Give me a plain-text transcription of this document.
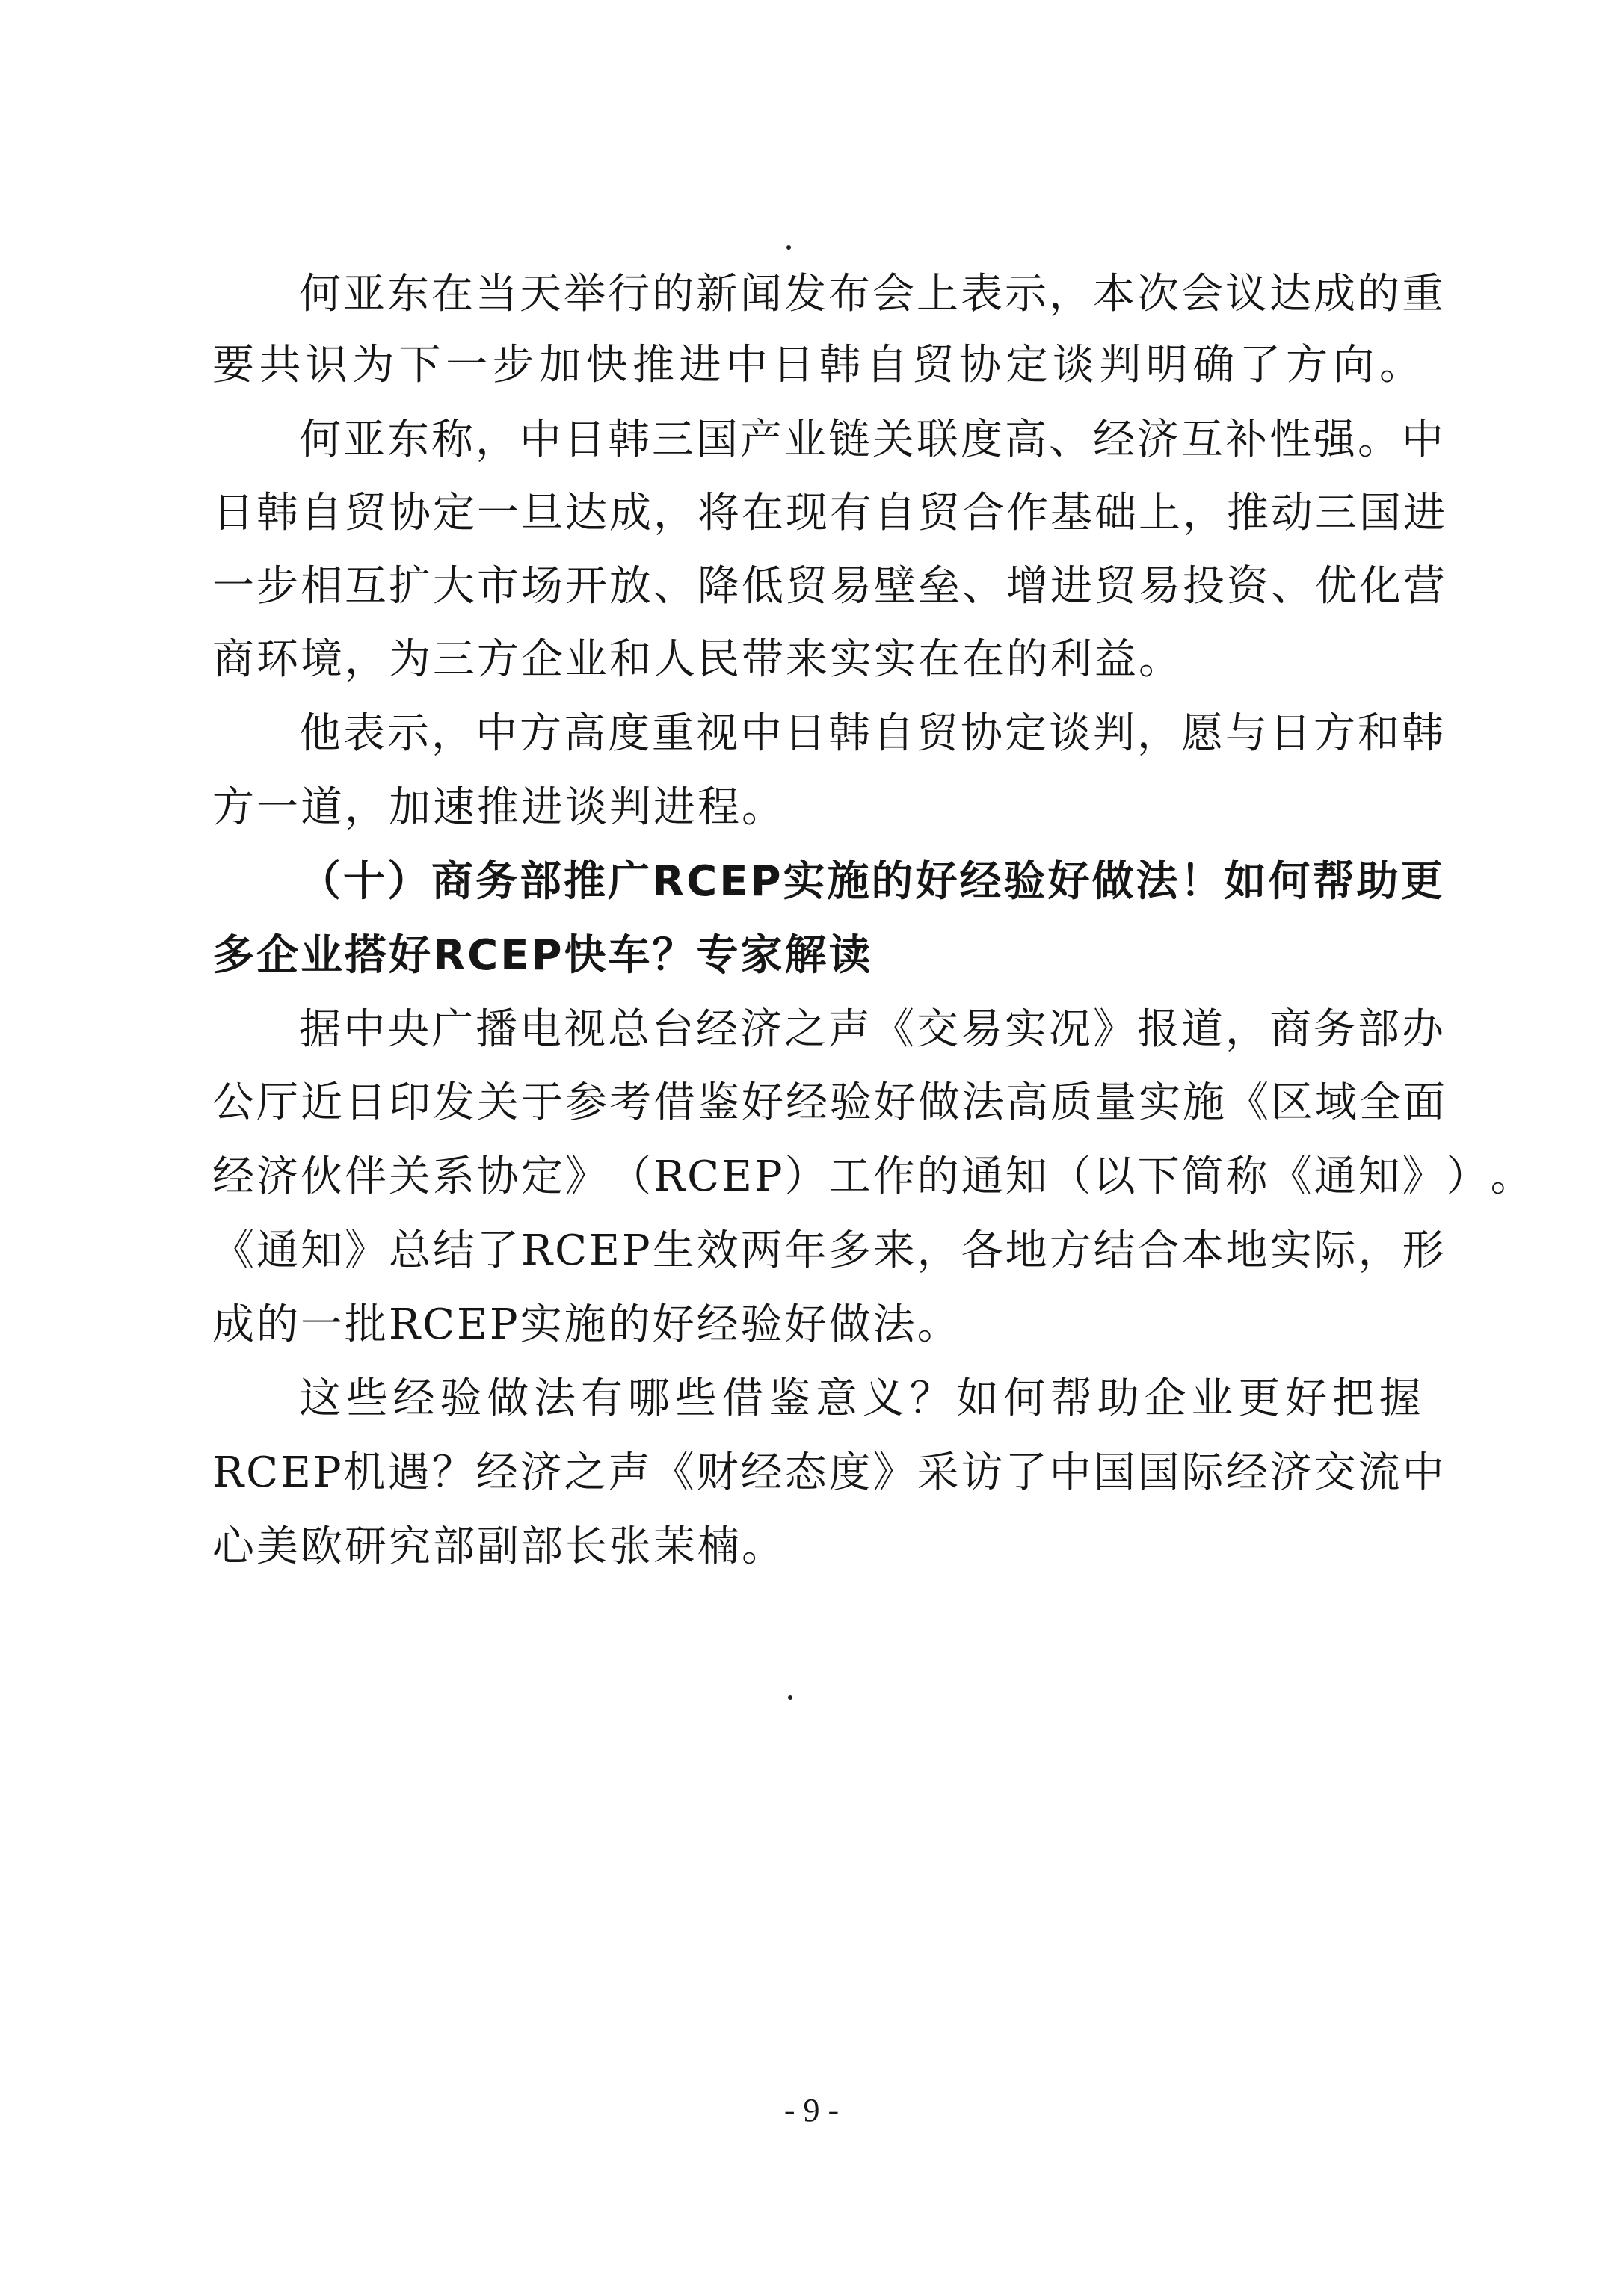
何 亚 东 在 当 天 举 行 的 新 闻 发 布 会 上 表 示 ， 本 次 会 议 达 成 的 重
要 共 识 为 下 一 步 加 快 推 进 中 日 韩 自 贸 协 定 谈 判 明 确 了 方 向 。
何 亚 东 称 ， 中 日 韩 三 国 产 业 链 关 联 度 高 、 经 济 互 补 性 强 。 中
日 韩 自 贸 协 定 一 旦 达 成 ， 将 在 现 有 自 贸 合 作 基 础 上 ， 推 动 三 国 进
一 步 相 互 扩 大 市 场 开 放 、 降 低 贸 易 壁 垒 、 增 进 贸 易 投 资 、 优 化 营
商环境，为三方企业和人民带来实实在在的利益。
他 表 示 ， 中 方 高 度 重 视 中 日 韩 自 贸 协 定 谈 判 ， 愿 与 日 方 和 韩
方一道，加速推进谈判进程。
（ 十 ） 商 务 部 推 广 RCEP 实 施 的 好 经 验 好 做 法 ！ 如 何 帮 助 更
多企业搭好RCEP快车？专家解读
据 中 央 广 播 电 视 总 台 经 济 之 声 《 交 易 实 况 》 报 道 ， 商 务 部 办
公 厅 近 日 印 发 关 于 参 考 借 鉴 好 经 验 好 做 法 高 质 量 实 施 《 区 域 全 面
经 济 伙 伴 关 系 协 定 》 （ RCEP ） 工 作 的 通 知 （ 以 下 简 称 《 通 知 》 ） 。
《 通 知 》 总 结 了 RCEP 生 效 两 年 多 来 ， 各 地 方 结 合 本 地 实 际 ， 形
成的一批RCEP实施的好经验好做法。
这 些 经 验 做 法 有 哪 些 借 鉴 意 义 ？ 如 何 帮 助 企 业 更 好 把 握
RCEP 机 遇 ？ 经 济 之 声 《 财 经 态 度 》 采 访 了 中 国 国 际 经 济 交 流 中
心美欧研究部副部长张茉楠。
- 9 -
